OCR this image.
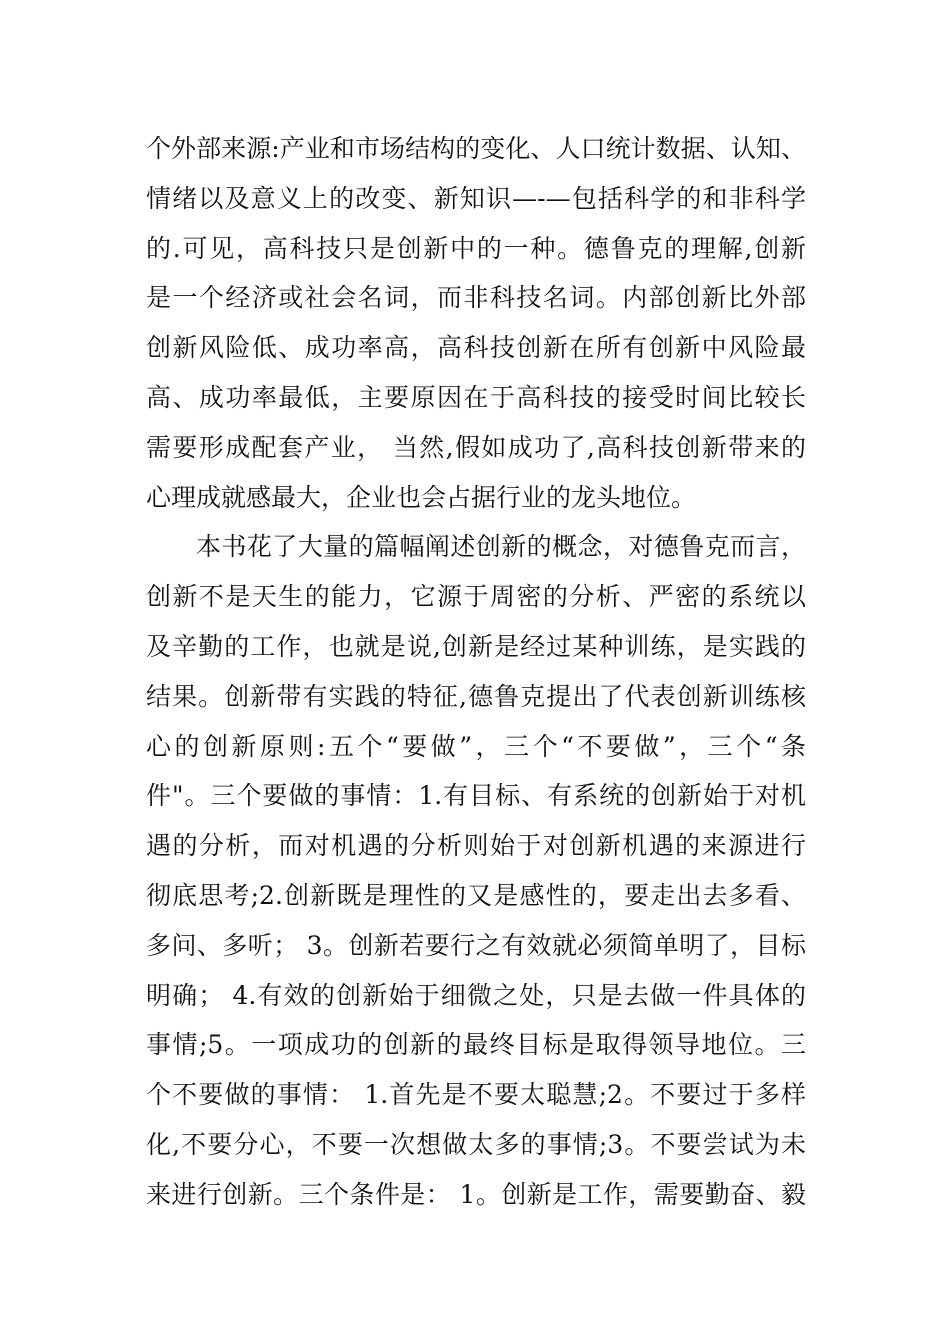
个外部来源:产业和市场结构的变化、人口统计数据、认知、
情绪以及意义上的改变、新知识—-—包括科学的和非科学
的.可见，高科技只是创新中的一种。德鲁克的理解,创新
是一个经济或社会名词，而非科技名词。内部创新比外部
创新风险低、成功率高，高科技创新在所有创新中风险最
高、成功率最低，主要原因在于高科技的接受时间比较长
需要形成配套产业， 当然,假如成功了,高科技创新带来的
心理成就感最大，企业也会占据行业的龙头地位。
本书花了大量的篇幅阐述创新的概念，对德鲁克而言，
创新不是天生的能力，它源于周密的分析、严密的系统以
及辛勤的工作，也就是说,创新是经过某种训练，是实践的
结果。创新带有实践的特征,德鲁克提出了代表创新训练核
心的创新原则:五个“要做”，三个“不要做”，三个“条
件"。三个要做的事情：1.有目标、有系统的创新始于对机
遇的分析，而对机遇的分析则始于对创新机遇的来源进行
彻底思考;2.创新既是理性的又是感性的，要走出去多看、
多问、多听； 3。创新若要行之有效就必须简单明了，目标
明确； 4.有效的创新始于细微之处，只是去做一件具体的
事情;5。一项成功的创新的最终目标是取得领导地位。三
个不要做的事情： 1.首先是不要太聪慧;2。不要过于多样
化,不要分心，不要一次想做太多的事情;3。不要尝试为未
来进行创新。三个条件是： 1。创新是工作，需要勤奋、毅
